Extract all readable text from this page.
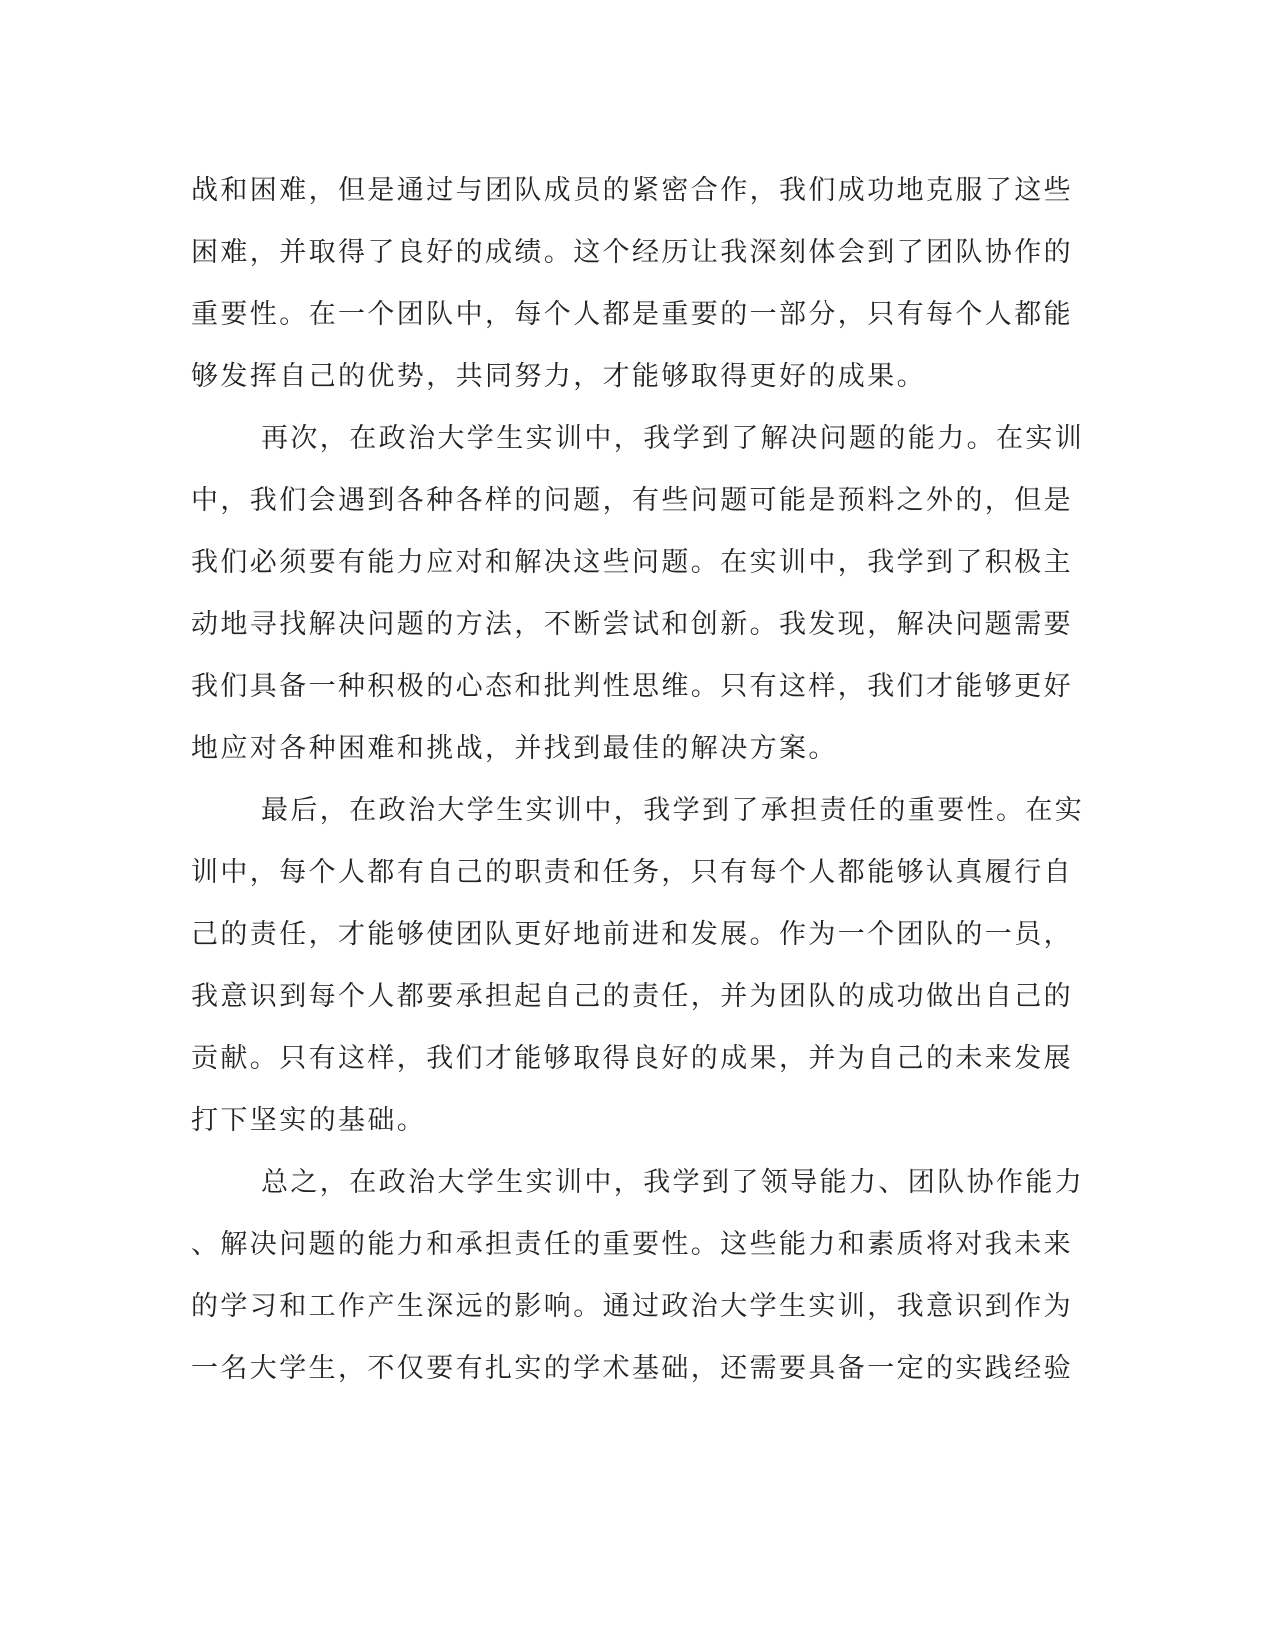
战和困难，但是通过与团队成员的紧密合作，我们成功地克服了这些
困难，并取得了良好的成绩。这个经历让我深刻体会到了团队协作的
重要性。在一个团队中，每个人都是重要的一部分，只有每个人都能
够发挥自己的优势，共同努力，才能够取得更好的成果。
再次，在政治大学生实训中，我学到了解决问题的能力。在实训
中，我们会遇到各种各样的问题，有些问题可能是预料之外的，但是
我们必须要有能力应对和解决这些问题。在实训中，我学到了积极主
动地寻找解决问题的方法，不断尝试和创新。我发现，解决问题需要
我们具备一种积极的心态和批判性思维。只有这样，我们才能够更好
地应对各种困难和挑战，并找到最佳的解决方案。
最后，在政治大学生实训中，我学到了承担责任的重要性。在实
训中，每个人都有自己的职责和任务，只有每个人都能够认真履行自
己的责任，才能够使团队更好地前进和发展。作为一个团队的一员，
我意识到每个人都要承担起自己的责任，并为团队的成功做出自己的
贡献。只有这样，我们才能够取得良好的成果，并为自己的未来发展
打下坚实的基础。
总之，在政治大学生实训中，我学到了领导能力、团队协作能力
、解决问题的能力和承担责任的重要性。这些能力和素质将对我未来
的学习和工作产生深远的影响。通过政治大学生实训，我意识到作为
一名大学生，不仅要有扎实的学术基础，还需要具备一定的实践经验
